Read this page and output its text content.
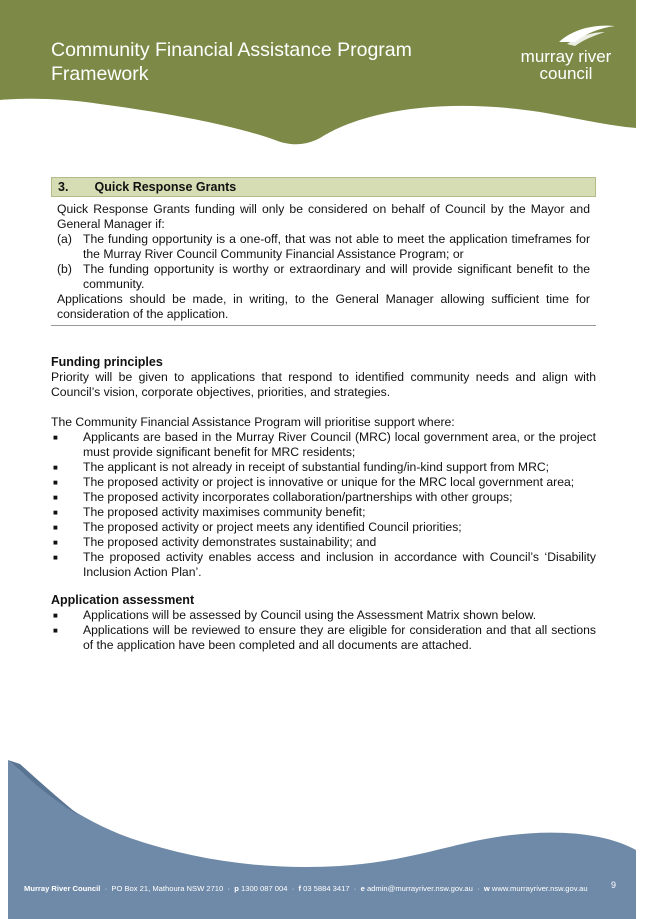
Community Financial Assistance Program
Framework
murray river
council
3. Quick Response Grants
Quick Response Grants funding will only be considered on behalf of Council by the Mayor and General Manager if:
(a) The funding opportunity is a one-off, that was not able to meet the application timeframes for the Murray River Council Community Financial Assistance Program; or
(b) The funding opportunity is worthy or extraordinary and will provide significant benefit to the community.
Applications should be made, in writing, to the General Manager allowing sufficient time for consideration of the application.
Funding principles
Priority will be given to applications that respond to identified community needs and align with Council’s vision, corporate objectives, priorities, and strategies.
The Community Financial Assistance Program will prioritise support where:
■	Applicants are based in the Murray River Council (MRC) local government area, or the project must provide significant benefit for MRC residents;
■	The applicant is not already in receipt of substantial funding/in-kind support from MRC;
■	The proposed activity or project is innovative or unique for the MRC local government area;
■	The proposed activity incorporates collaboration/partnerships with other groups;
■	The proposed activity maximises community benefit;
■	The proposed activity or project meets any identified Council priorities;
■	The proposed activity demonstrates sustainability; and
■	The proposed activity enables access and inclusion in accordance with Council’s ‘Disability Inclusion Action Plan’.
Application assessment
■	Applications will be assessed by Council using the Assessment Matrix shown below.
■	Applications will be reviewed to ensure they are eligible for consideration and that all sections of the application have been completed and all documents are attached.
Murray River Council · PO Box 21, Mathoura NSW 2710 · p 1300 087 004 · f 03 5884 3417 · e admin@murrayriver.nsw.gov.au · w www.murrayriver.nsw.gov.au	9
